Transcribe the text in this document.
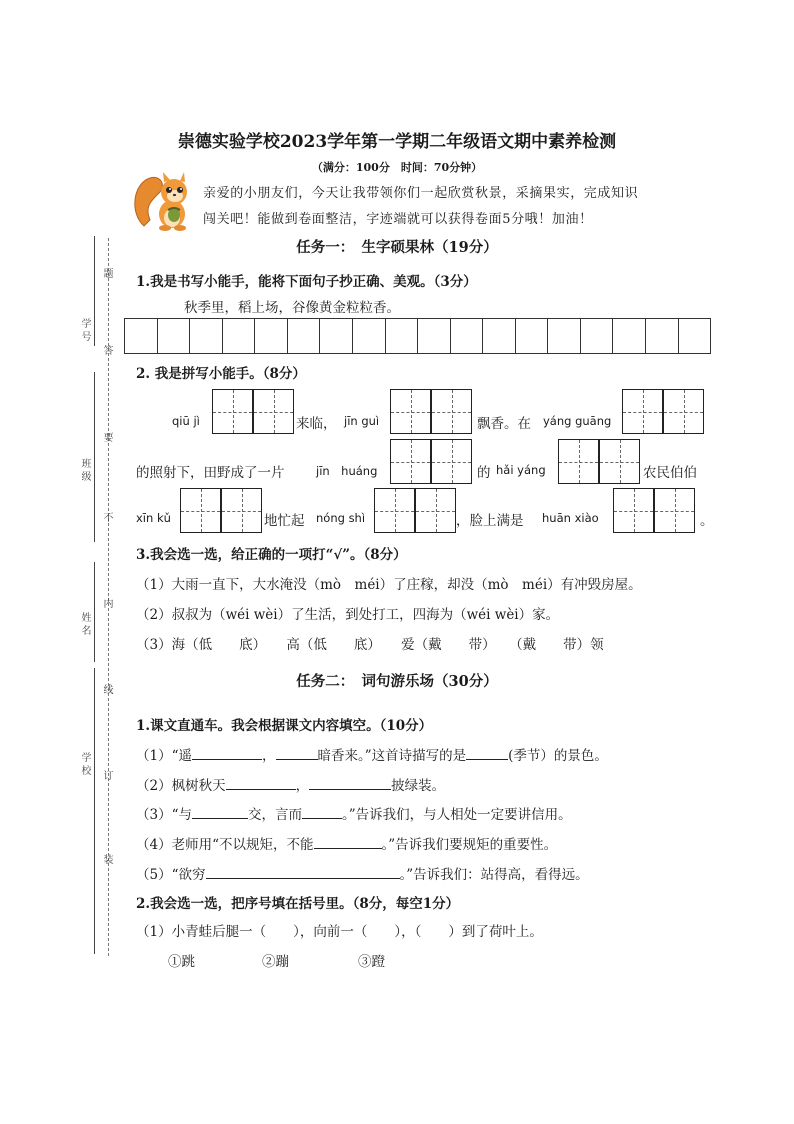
学号
班级
姓名
学校
题
答
要
不
内
线
订
装
崇德实验学校2023学年第一学期二年级语文期中素养检测
（满分：100分　时间：70分钟）
亲爱的小朋友们，今天让我带领你们一起欣赏秋景，采摘果实，完成知识
闯关吧！能做到卷面整洁，字迹端就可以获得卷面5分哦！加油！
任务一：　生字硕果林（19分）
1.我是书写小能手，能将下面句子抄正确、美观。（3分）
秋季里，稻上场，谷像黄金粒粒香。
2. 我是拼写小能手。（8分）
qiū jì	来临， jīn guì	飘香。在 yáng guāng
的照射下，田野成了一片	jīn　huáng	的 hǎi yáng	农民伯伯
xīn kǔ	地忙起 nóng shì	，脸上满是 huān xiào	。
3.我会选一选，给正确的一项打“√”。（8分）
（1）大雨一直下，大水淹没（mò　méi）了庄稼，却没（mò　méi）有冲毁房屋。
（2）叔叔为（wéi wèi）了生活，到处打工，四海为（wéi wèi）家。
（3）海（低　　底）　　高（低　　底）　　爱（戴　　带）　　（戴　　带）领
任务二：　词句游乐场（30分）
1.课文直通车。我会根据课文内容填空。（10分）
（1）“遥	，	暗香来。”这首诗描写的是	(季节）的景色。
（2）枫树秋天	，	披绿装。
（3）“与	交，言而	。”告诉我们，与人相处一定要讲信用。
（4）老师用“不以规矩，不能	。”告诉我们要规矩的重要性。
（5）“欲穷	。”告诉我们：站得高，看得远。
2.我会选一选，把序号填在括号里。（8分，每空1分）
（1）小青蛙后腿一（　　），向前一（　　），（　　）到了荷叶上。
①跳	②蹦	③蹬
